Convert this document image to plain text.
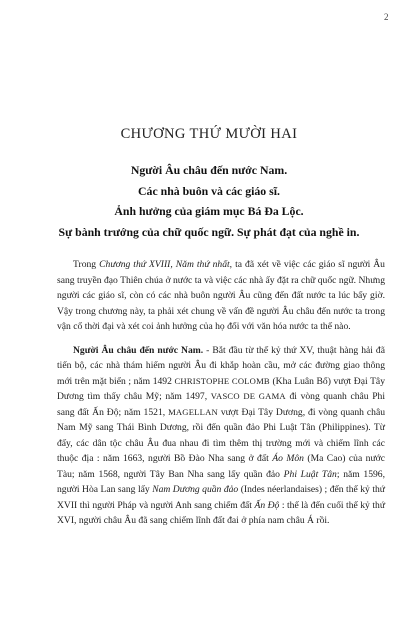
2
CHƯƠNG THỨ MƯỜI HAI

Người Âu châu đến nước Nam.

Các nhà buôn và các giáo sĩ.

Ảnh hưởng của giám mục Bá Đa Lộc.

Sự bành trướng của chữ quốc ngữ. Sự phát đạt của nghề in.

Trong Chương thứ XVIII, Năm thứ nhất, ta đã xét về việc các giáo sĩ người Âu sang truyền đạo Thiên chúa ở nước ta và việc các nhà ấy đặt ra chữ quốc ngữ. Nhưng người các giáo sĩ, còn có các nhà buôn người Âu cũng đến đất nước ta lúc bấy giờ. Vậy trong chương này, ta phải xét chung về vấn đề người Âu châu đến nước ta trong vận cổ thời đại và xét coi ảnh hưởng của họ đối với văn hóa nước ta thế nào.

Người Âu châu đến nước Nam. - Bắt đầu từ thế kỷ thứ XV, thuật hàng hải đã tiến bộ, các nhà thám hiểm người Âu đi khắp hoàn cầu, mở các đường giao thông mới trên mặt biển ; năm 1492 CHRISTOPHE COLOMB (Kha Luân Bố) vượt Đại Tây Dương tìm thấy châu Mỹ; năm 1497, VASCO DE GAMA đi vòng quanh châu Phi sang đất Ấn Độ; năm 1521, MAGELLAN vượt Đại Tây Dương, đi vòng quanh châu Nam Mỹ sang Thái Bình Dương, rồi đến quần đảo Phi Luật Tân (Philippines). Từ đấy, các dân tộc châu Âu đua nhau đi tìm thêm thị trường mới và chiếm lĩnh các thuộc địa : năm 1663, người Bồ Đào Nha sang ở đất Áo Môn (Ma Cao) của nước Tàu; năm 1568, người Tây Ban Nha sang lấy quần đảo Phi Luật Tân; năm 1596, người Hòa Lan sang lấy Nam Dương quần đảo (Indes néerlandaises) ; đến thế kỷ thứ XVII thì người Pháp và người Anh sang chiếm đất Ấn Độ : thế là đến cuối thế kỷ thứ XVI, người châu Âu đã sang chiếm lĩnh đất đai ở phía nam châu Á rồi.
